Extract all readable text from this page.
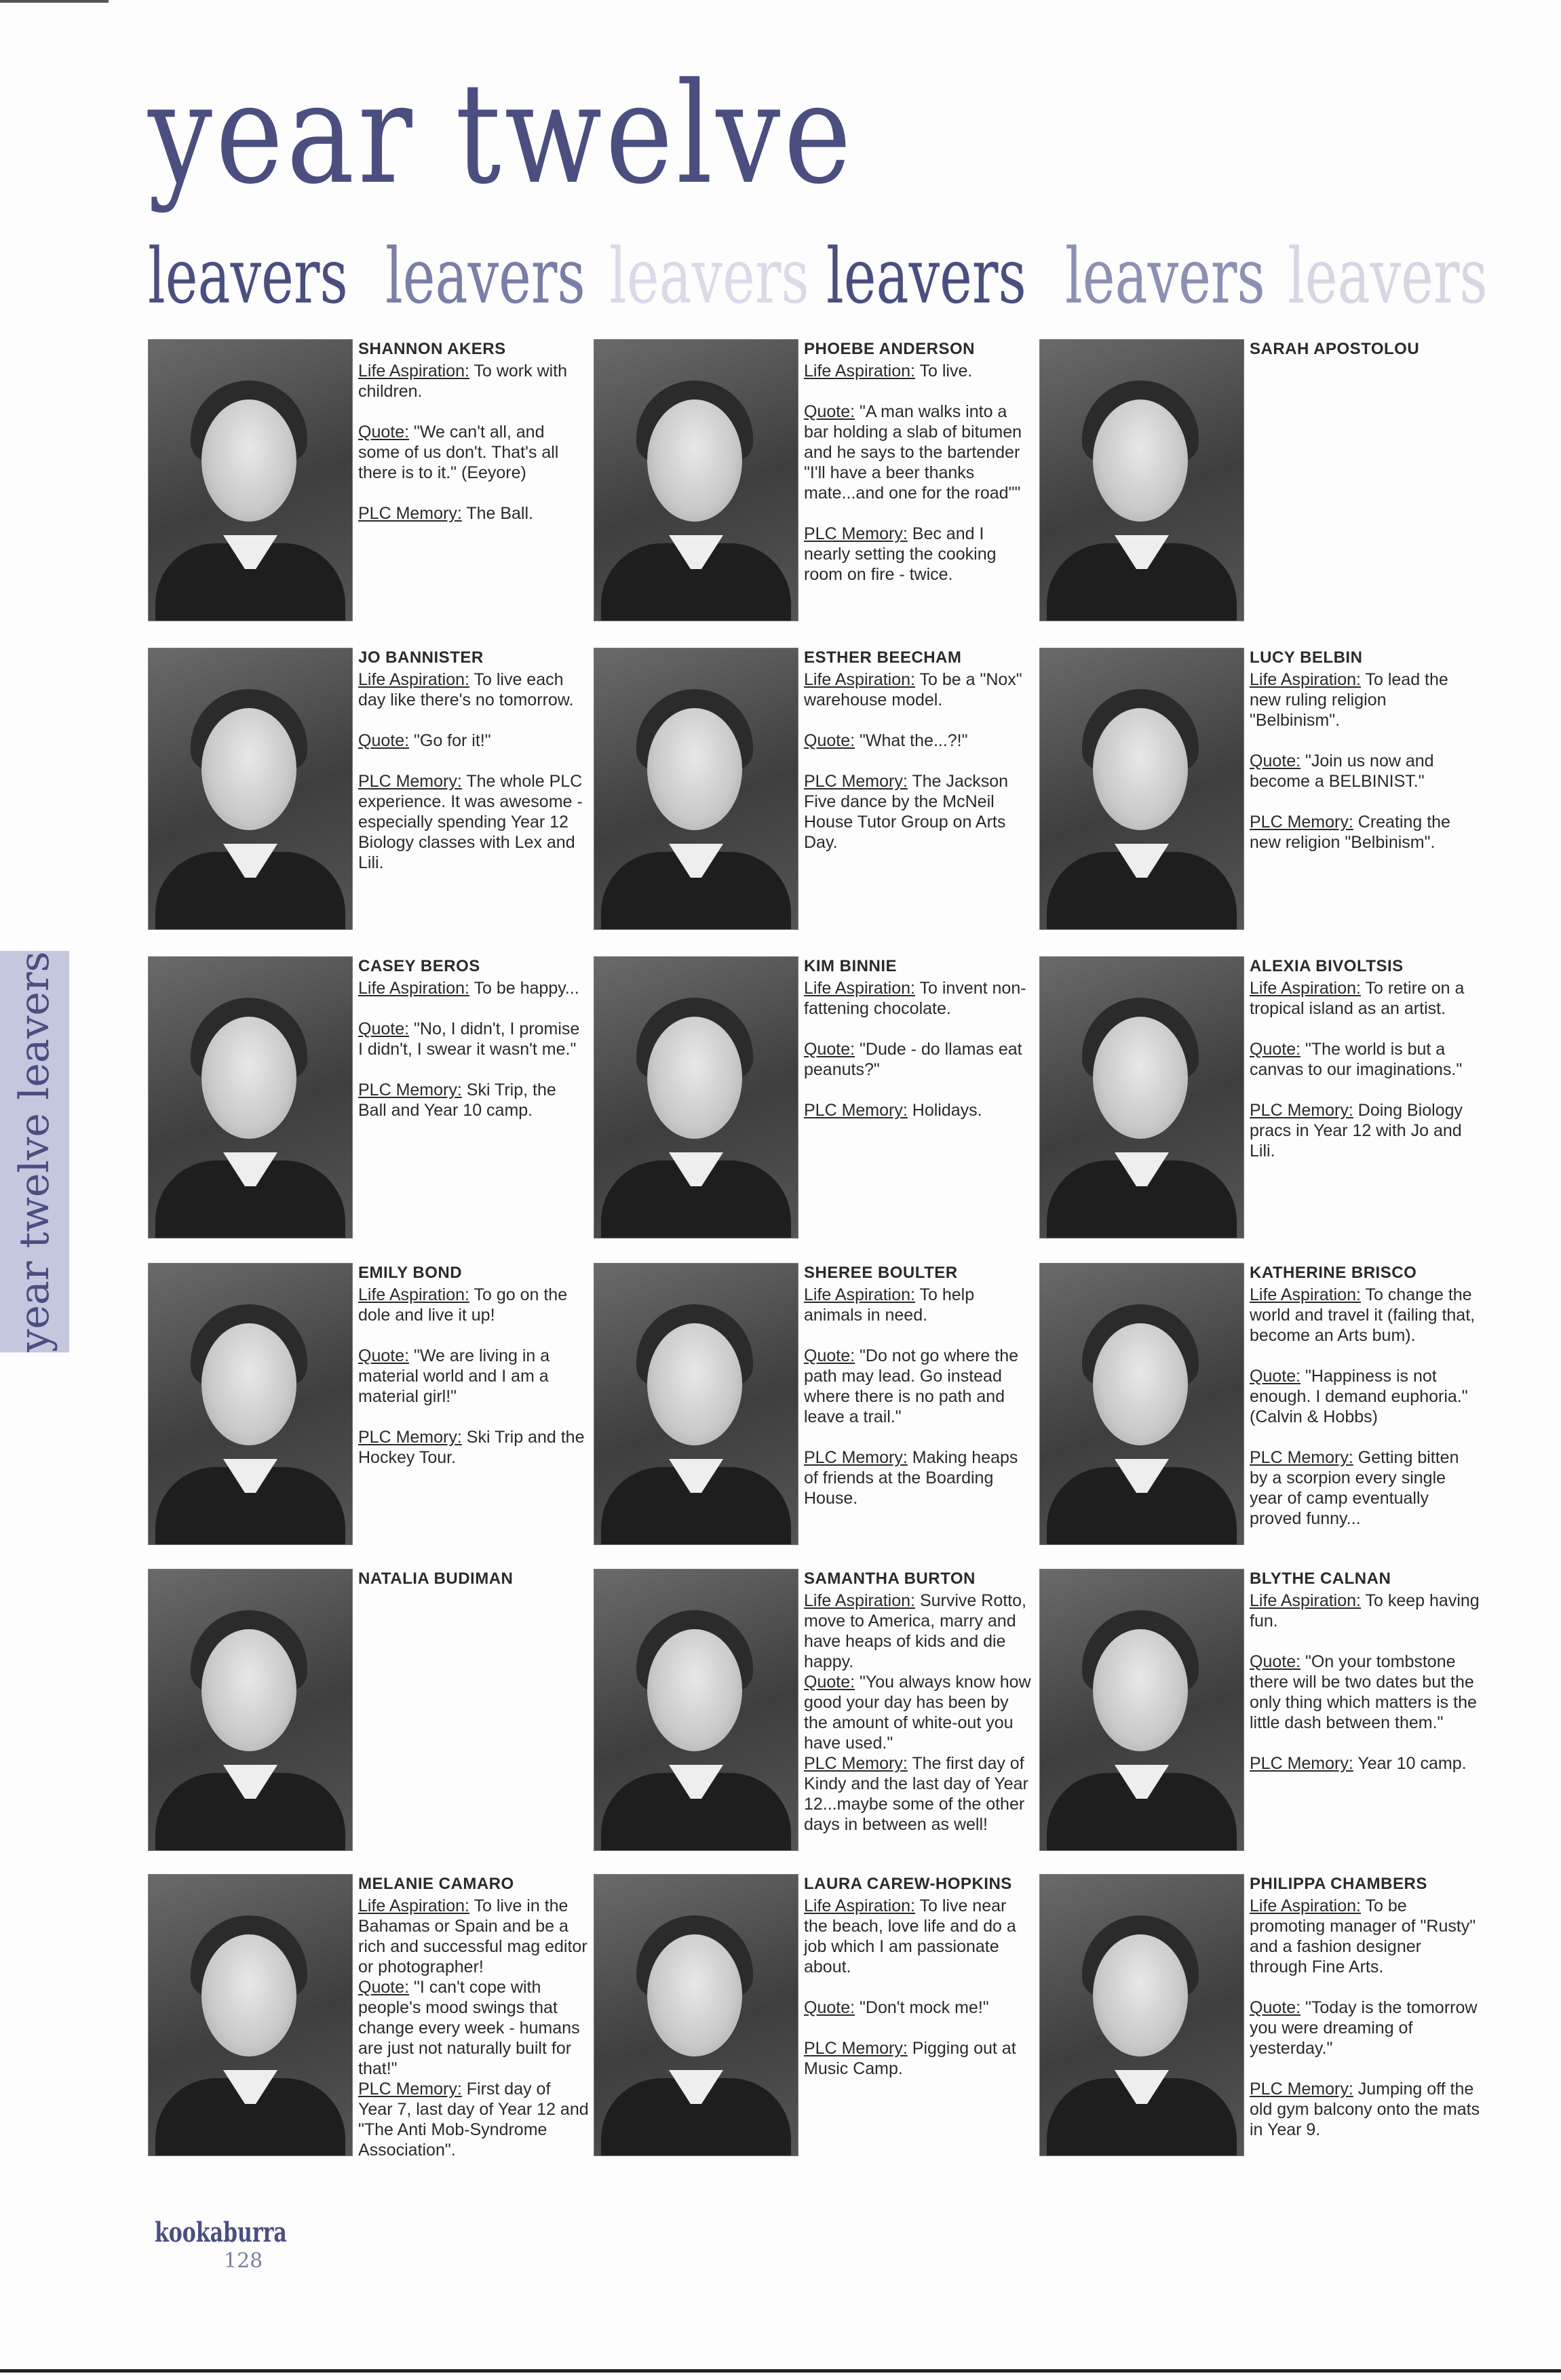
year twelve
leavers leavers leavers leavers leavers leavers
year twelve leavers
SHANNON AKERS

Life Aspiration: To work with children.

Quote: "We can't all, and some of us don't. That's all there is to it." (Eeyore)

PLC Memory: The Ball.

PHOEBE ANDERSON

Life Aspiration: To live.

Quote: "A man walks into a bar holding a slab of bitumen and he says to the bartender "I'll have a beer thanks mate...and one for the road""

PLC Memory: Bec and I nearly setting the cooking room on fire - twice.

SARAH APOSTOLOU
JO BANNISTER

Life Aspiration: To live each day like there's no tomorrow.

Quote: "Go for it!"

PLC Memory: The whole PLC experience. It was awesome - especially spending Year 12 Biology classes with Lex and Lili.

ESTHER BEECHAM

Life Aspiration: To be a "Nox" warehouse model.

Quote: "What the...?!"

PLC Memory: The Jackson Five dance by the McNeil House Tutor Group on Arts Day.

LUCY BELBIN

Life Aspiration: To lead the new ruling religion "Belbinism".

Quote: "Join us now and become a BELBINIST."

PLC Memory: Creating the new religion "Belbinism".

CASEY BEROS

Life Aspiration: To be happy...

Quote: "No, I didn't, I promise I didn't, I swear it wasn't me."

PLC Memory: Ski Trip, the Ball and Year 10 camp.

KIM BINNIE

Life Aspiration: To invent non-fattening chocolate.

Quote: "Dude - do llamas eat peanuts?"

PLC Memory: Holidays.

ALEXIA BIVOLTSIS

Life Aspiration: To retire on a tropical island as an artist.

Quote: "The world is but a canvas to our imaginations."

PLC Memory: Doing Biology pracs in Year 12 with Jo and Lili.

EMILY BOND

Life Aspiration: To go on the dole and live it up!

Quote: "We are living in a material world and I am a material girl!"

PLC Memory: Ski Trip and the Hockey Tour.

SHEREE BOULTER

Life Aspiration: To help animals in need.

Quote: "Do not go where the path may lead. Go instead where there is no path and leave a trail."

PLC Memory: Making heaps of friends at the Boarding House.

KATHERINE BRISCO

Life Aspiration: To change the world and travel it (failing that, become an Arts bum).

Quote: "Happiness is not enough. I demand euphoria." (Calvin & Hobbs)

PLC Memory: Getting bitten by a scorpion every single year of camp eventually proved funny...

NATALIA BUDIMAN	SAMANTHA BURTON

Life Aspiration: Survive Rotto, move to America, marry and have heaps of kids and die happy.

Quote: "You always know how good your day has been by the amount of white-out you have used."

PLC Memory: The first day of Kindy and the last day of Year 12...maybe some of the other days in between as well!

BLYTHE CALNAN

Life Aspiration: To keep having fun.

Quote: "On your tombstone there will be two dates but the only thing which matters is the little dash between them."

PLC Memory: Year 10 camp.

MELANIE CAMARO

Life Aspiration: To live in the Bahamas or Spain and be a rich and successful mag editor or photographer!

Quote: "I can't cope with people's mood swings that change every week - humans are just not naturally built for that!"

PLC Memory: First day of Year 7, last day of Year 12 and "The Anti Mob-Syndrome Association".

LAURA CAREW-HOPKINS

Life Aspiration: To live near the beach, love life and do a job which I am passionate about.

Quote: "Don't mock me!"

PLC Memory: Pigging out at Music Camp.

PHILIPPA CHAMBERS

Life Aspiration: To be promoting manager of "Rusty" and a fashion designer through Fine Arts.

Quote: "Today is the tomorrow you were dreaming of yesterday."

PLC Memory: Jumping off the old gym balcony onto the mats in Year 9.

kookaburra
128
